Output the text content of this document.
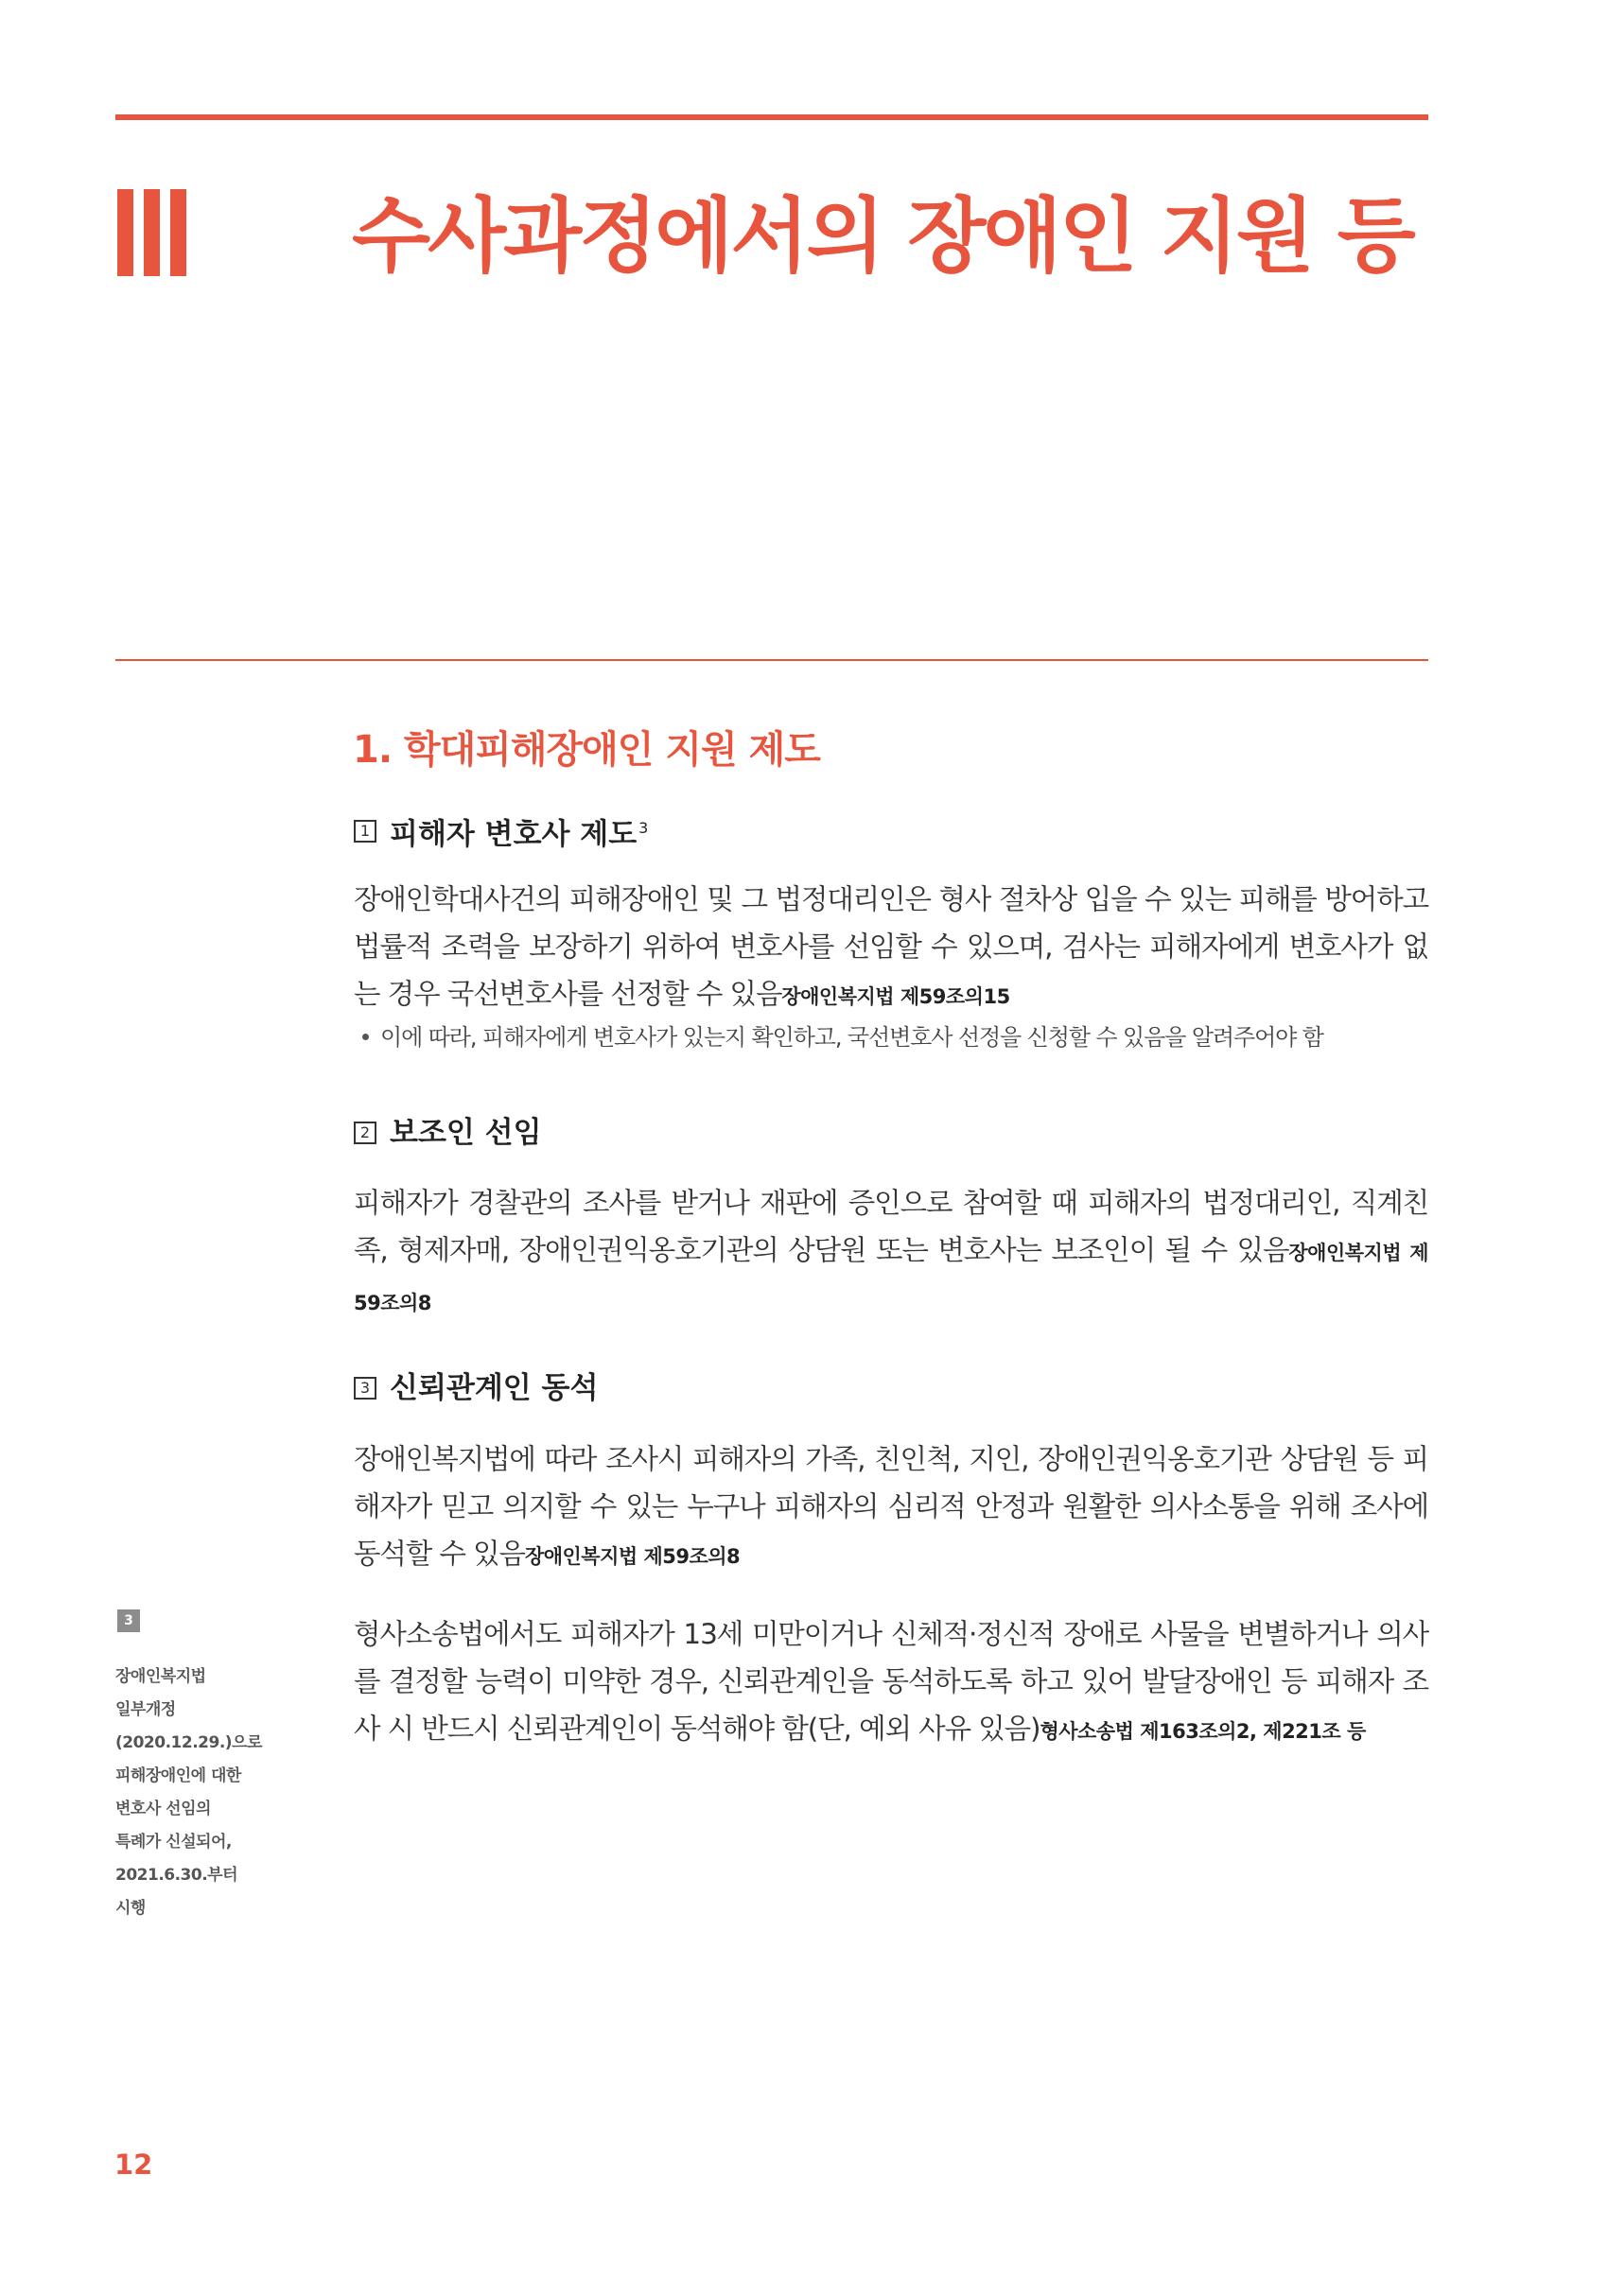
수사과정에서의 장애인 지원 등
1. 학대피해장애인 지원 제도
1 피해자 변호사 제도 $^3$
장애인학대사건의 피해장애인 및 그 법정대리인은 형사 절차상 입을 수 있는 피해를 방어하고 법률적 조력을 보장하기 위하여 변호사를 선임할 수 있으며, 검사는 피해자에게 변호사가 없는 경우 국선변호사를 선정할 수 있음장애인복지법 제59조의15
이에 따라, 피해자에게 변호사가 있는지 확인하고, 국선변호사 선정을 신청할 수 있음을 알려주어야 함
2 보조인 선임
피해자가 경찰관의 조사를 받거나 재판에 증인으로 참여할 때 피해자의 법정대리인, 직계친족, 형제자매, 장애인권익옹호기관의 상담원 또는 변호사는 보조인이 될 수 있음장애인복지법 제59조의8
3 신뢰관계인 동석
장애인복지법에 따라 조사시 피해자의 가족, 친인척, 지인, 장애인권익옹호기관 상담원 등 피해자가 믿고 의지할 수 있는 누구나 피해자의 심리적 안정과 원활한 의사소통을 위해 조사에 동석할 수 있음장애인복지법 제59조의8
형사소송법에서도 피해자가 13세 미만이거나 신체적·정신적 장애로 사물을 변별하거나 의사를 결정할 능력이 미약한 경우, 신뢰관계인을 동석하도록 하고 있어 발달장애인 등 피해자 조사 시 반드시 신뢰관계인이 동석해야 함(단, 예외 사유 있음)형사소송법 제163조의2, 제221조 등
3
장애인복지법
일부개정
(2020.12.29.)으로
피해장애인에 대한
변호사 선임의
특례가 신설되어,
2021.6.30.부터
시행
12
